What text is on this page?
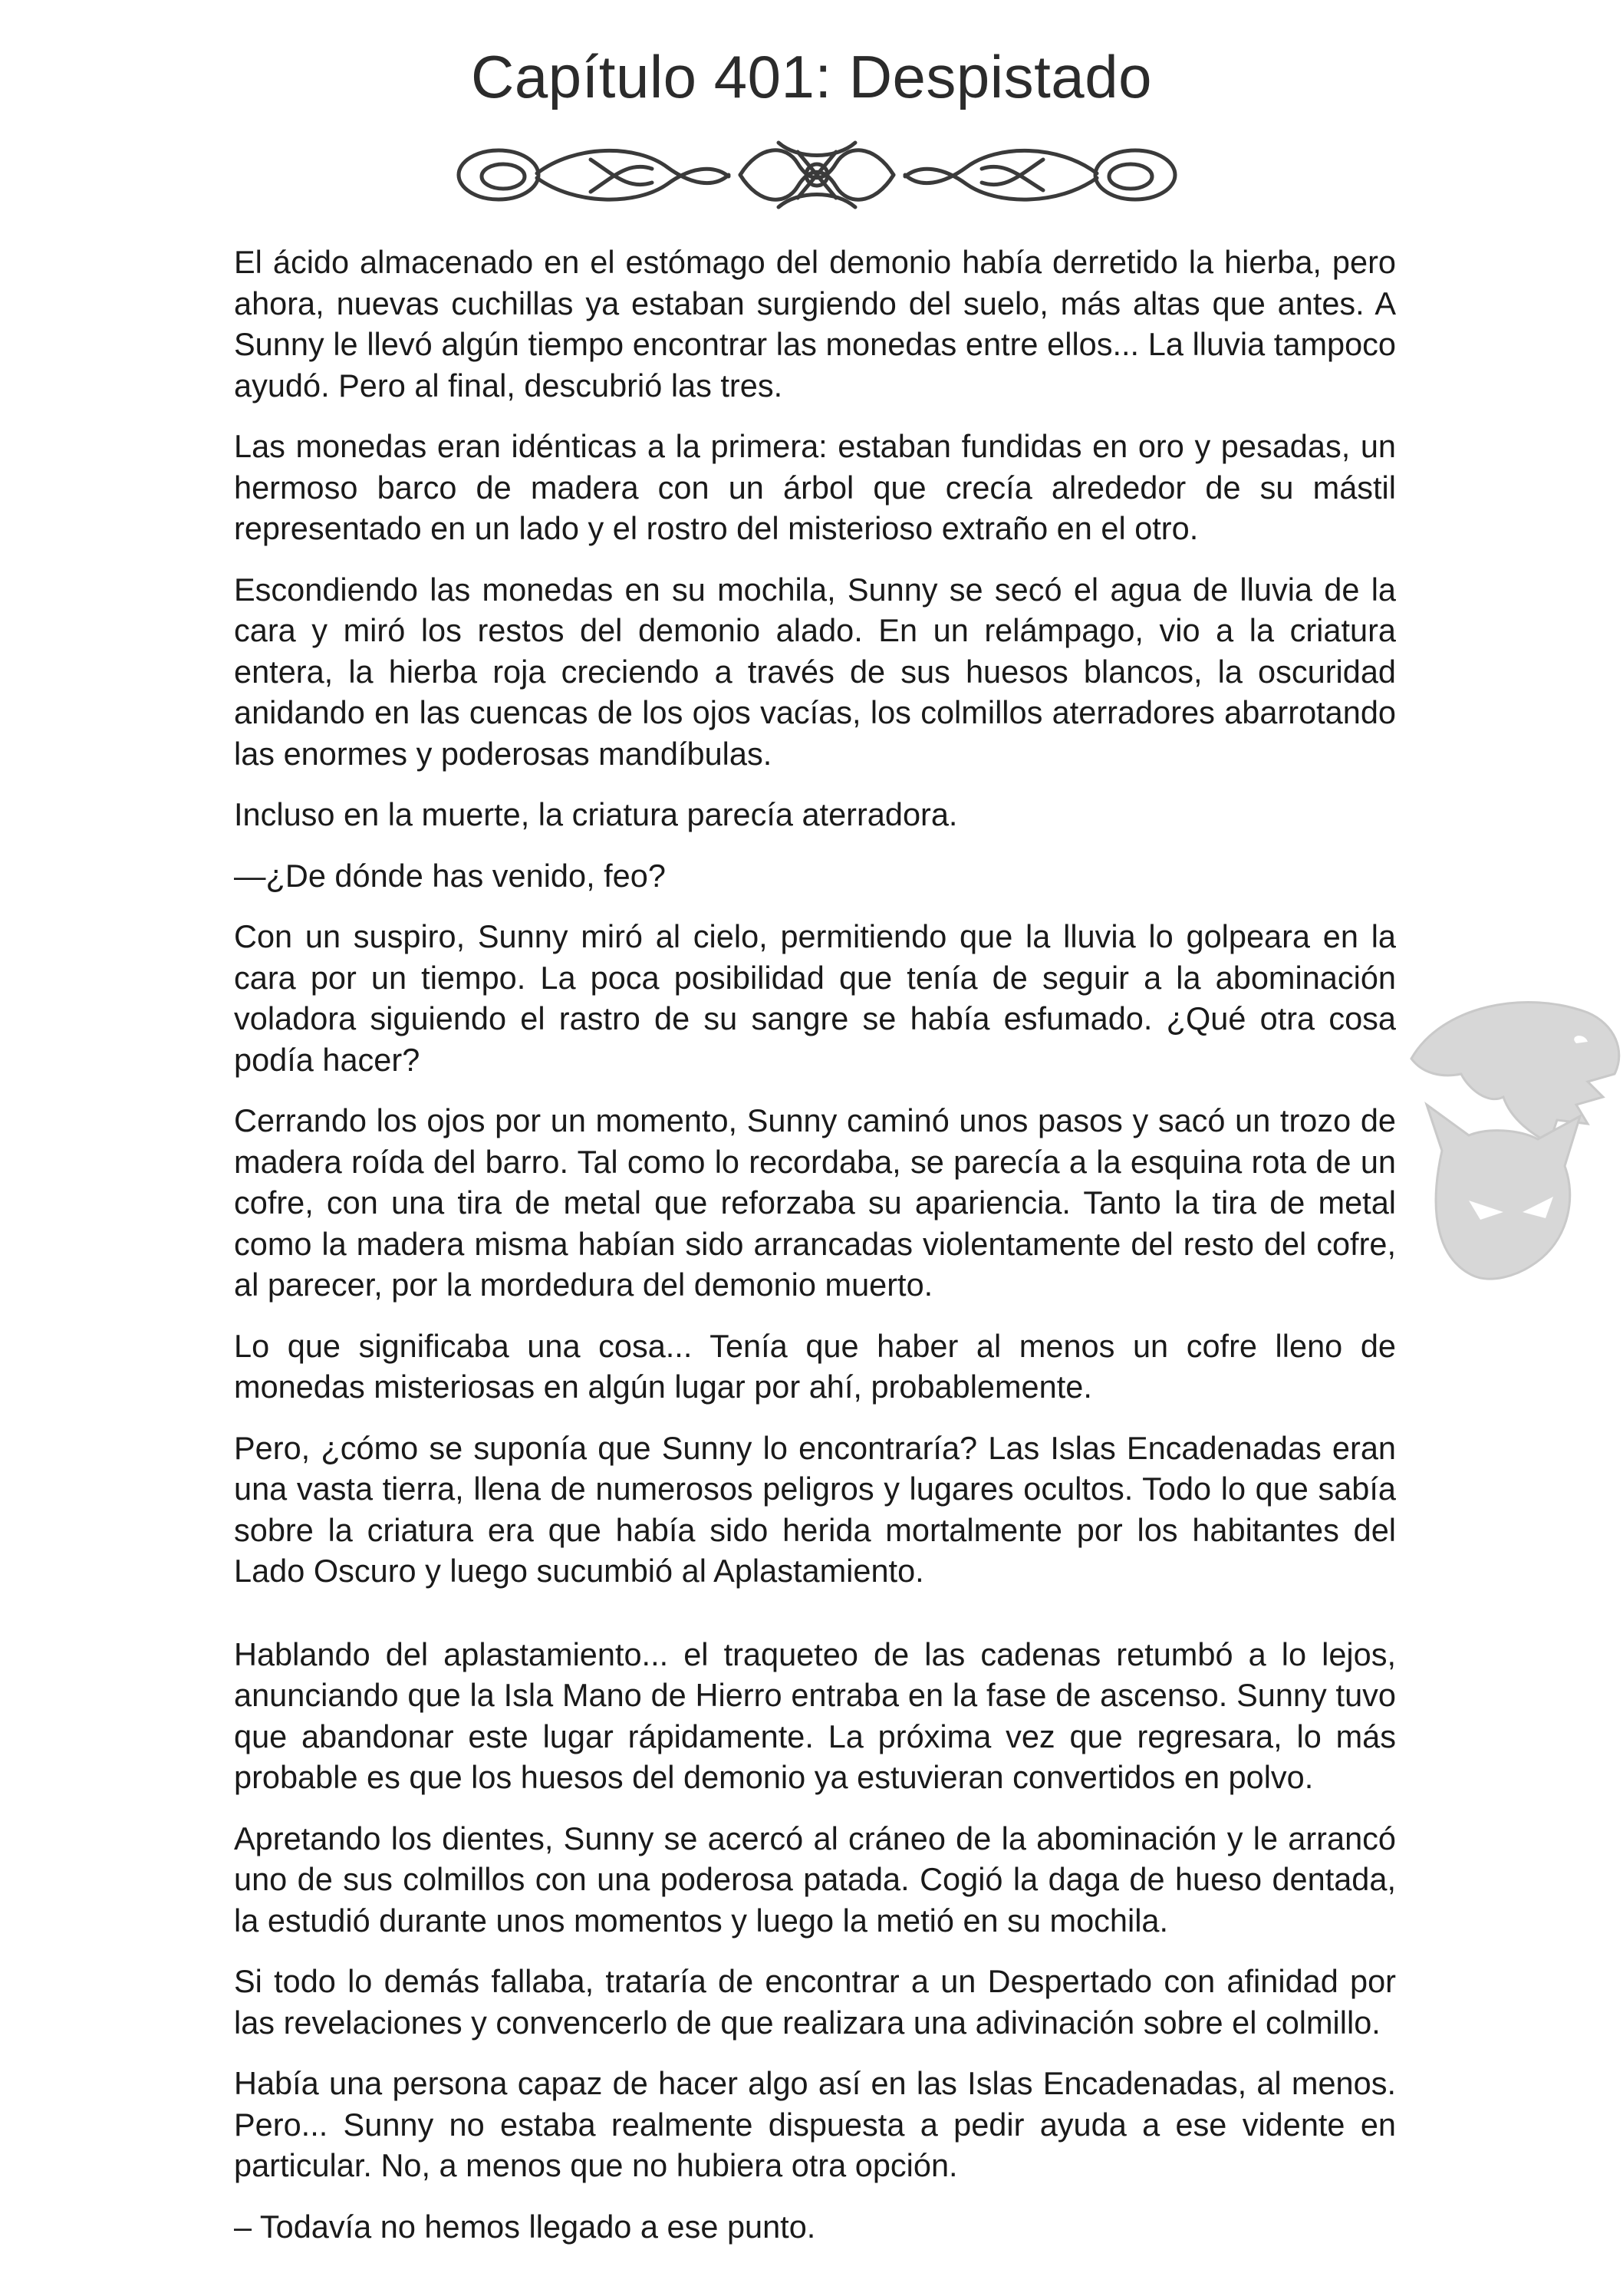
Capítulo 401: Despistado

El ácido almacenado en el estómago del demonio había derretido la hierba, pero ahora, nuevas cuchillas ya estaban surgiendo del suelo, más altas que antes. A Sunny le llevó algún tiempo encontrar las monedas entre ellos... La lluvia tampoco ayudó. Pero al final, descubrió las tres.

Las monedas eran idénticas a la primera: estaban fundidas en oro y pesadas, un hermoso barco de madera con un árbol que crecía alrededor de su mástil representado en un lado y el rostro del misterioso extraño en el otro.

Escondiendo las monedas en su mochila, Sunny se secó el agua de lluvia de la cara y miró los restos del demonio alado. En un relámpago, vio a la criatura entera, la hierba roja creciendo a través de sus huesos blancos, la oscuridad anidando en las cuencas de los ojos vacías, los colmillos aterradores abarrotando las enormes y poderosas mandíbulas.

Incluso en la muerte, la criatura parecía aterradora.

—¿De dónde has venido, feo?

Con un suspiro, Sunny miró al cielo, permitiendo que la lluvia lo golpeara en la cara por un tiempo. La poca posibilidad que tenía de seguir a la abominación voladora siguiendo el rastro de su sangre se había esfumado. ¿Qué otra cosa podía hacer?

Cerrando los ojos por un momento, Sunny caminó unos pasos y sacó un trozo de madera roída del barro. Tal como lo recordaba, se parecía a la esquina rota de un cofre, con una tira de metal que reforzaba su apariencia. Tanto la tira de metal como la madera misma habían sido arrancadas violentamente del resto del cofre, al parecer, por la mordedura del demonio muerto.

Lo que significaba una cosa... Tenía que haber al menos un cofre lleno de monedas misteriosas en algún lugar por ahí, probablemente.

Pero, ¿cómo se suponía que Sunny lo encontraría? Las Islas Encadenadas eran una vasta tierra, llena de numerosos peligros y lugares ocultos. Todo lo que sabía sobre la criatura era que había sido herida mortalmente por los habitantes del Lado Oscuro y luego sucumbió al Aplastamiento.

Hablando del aplastamiento... el traqueteo de las cadenas retumbó a lo lejos, anunciando que la Isla Mano de Hierro entraba en la fase de ascenso. Sunny tuvo que abandonar este lugar rápidamente. La próxima vez que regresara, lo más probable es que los huesos del demonio ya estuvieran convertidos en polvo.

Apretando los dientes, Sunny se acercó al cráneo de la abominación y le arrancó uno de sus colmillos con una poderosa patada. Cogió la daga de hueso dentada, la estudió durante unos momentos y luego la metió en su mochila.

Si todo lo demás fallaba, trataría de encontrar a un Despertado con afinidad por las revelaciones y convencerlo de que realizara una adivinación sobre el colmillo.

Había una persona capaz de hacer algo así en las Islas Encadenadas, al menos. Pero... Sunny no estaba realmente dispuesta a pedir ayuda a ese vidente en particular. No, a menos que no hubiera otra opción.

– Todavía no hemos llegado a ese punto.
